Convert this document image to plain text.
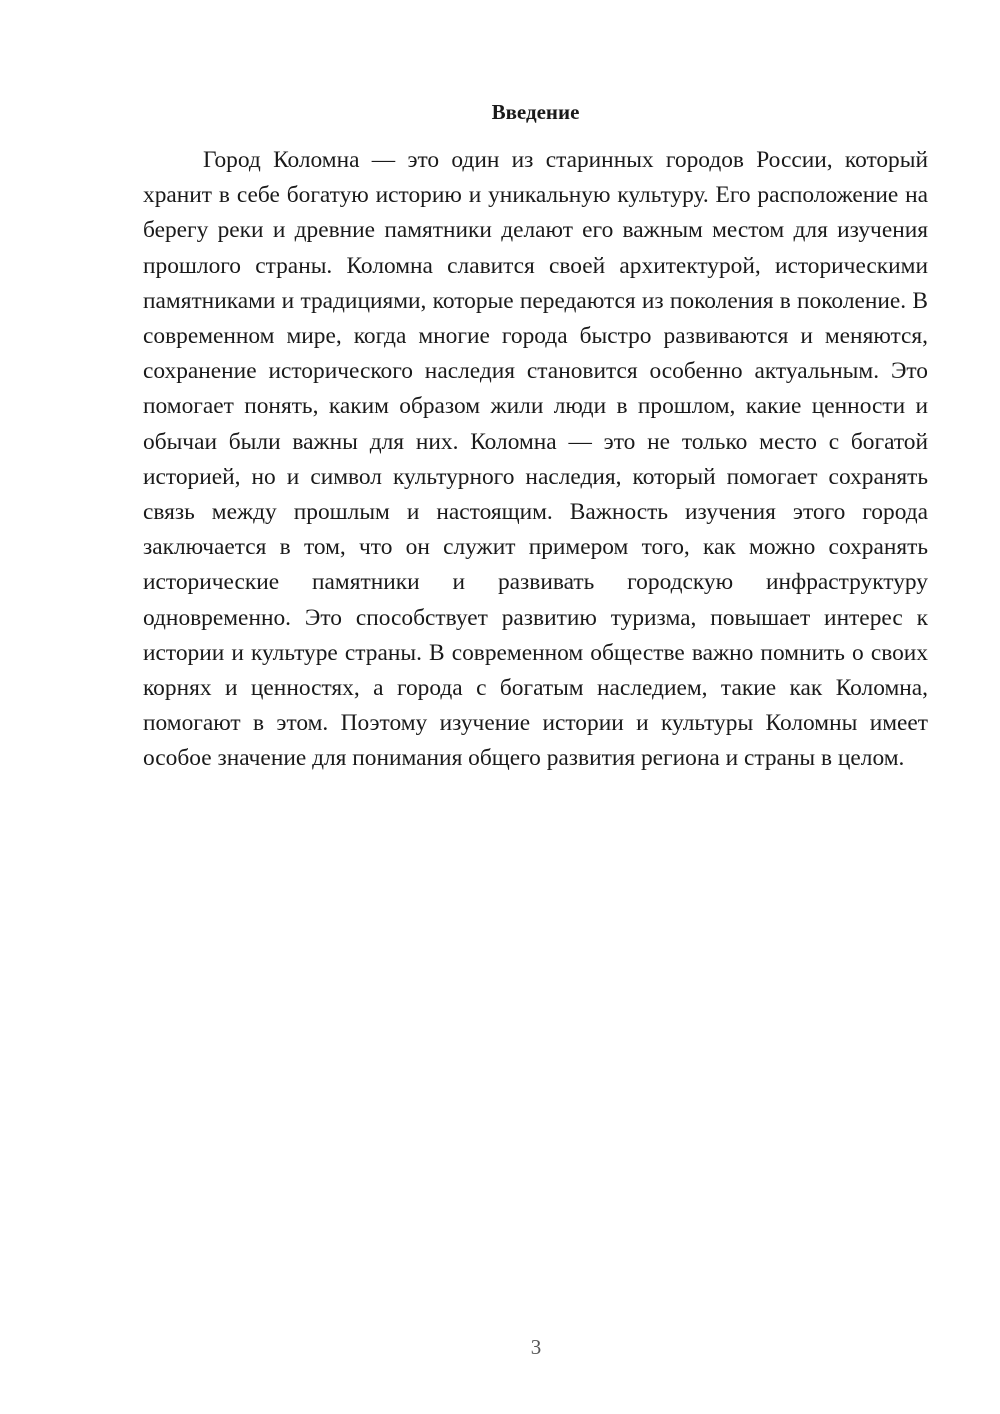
Введение

Город Коломна — это один из старинных городов России, который хранит в себе богатую историю и уникальную культуру. Его расположение на берегу реки и древние памятники делают его важным местом для изучения прошлого страны. Коломна славится своей архитектурой, историческими памятниками и традициями, которые передаются из поколения в поколение. В современном мире, когда многие города быстро развиваются и меняются, сохранение исторического наследия становится особенно актуальным. Это помогает понять, каким образом жили люди в прошлом, какие ценности и обычаи были важны для них. Коломна — это не только место с богатой историей, но и символ культурного наследия, который помогает сохранять связь между прошлым и настоящим. Важность изучения этого города заключается в том, что он служит примером того, как можно сохранять исторические памятники и развивать городскую инфраструктуру одновременно. Это способствует развитию туризма, повышает интерес к истории и культуре страны. В современном обществе важно помнить о своих корнях и ценностях, а города с богатым наследием, такие как Коломна, помогают в этом. Поэтому изучение истории и культуры Коломны имеет особое значение для понимания общего развития региона и страны в целом.

3
